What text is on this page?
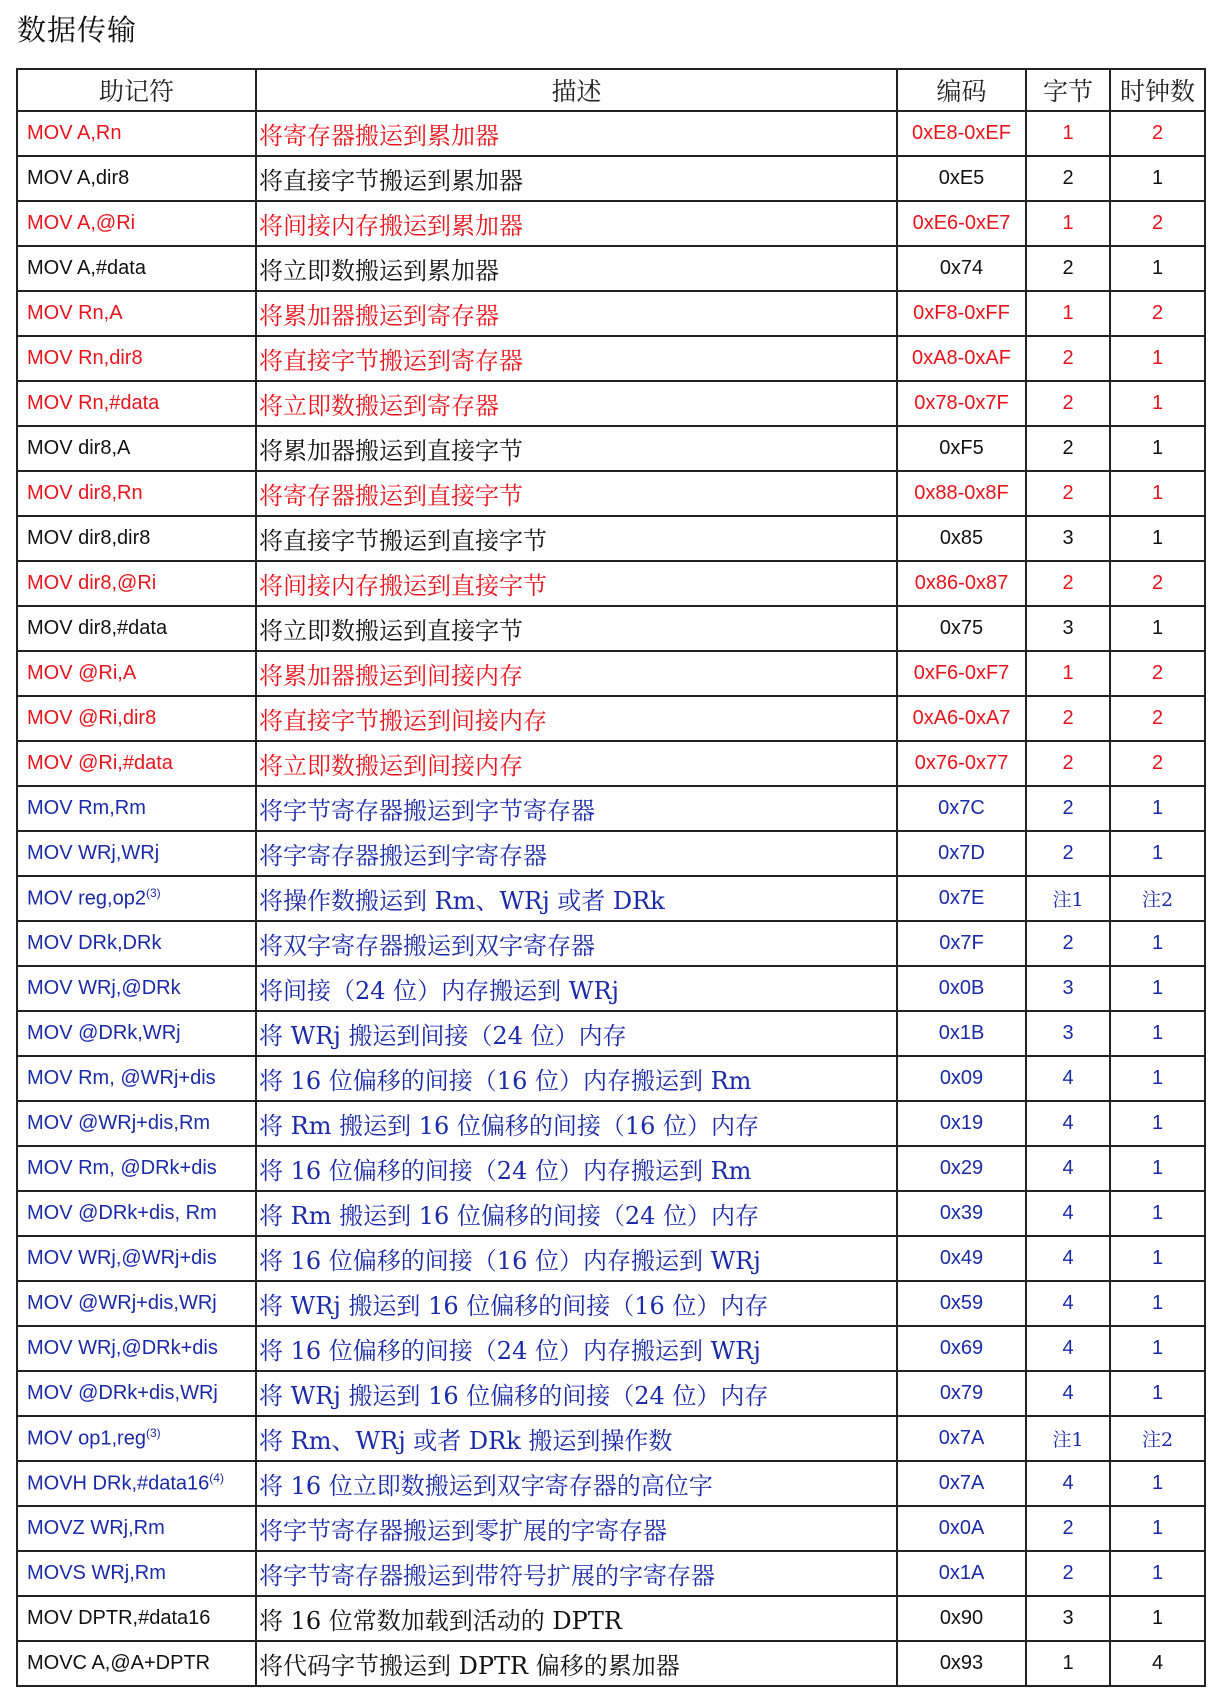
数据传输
助记符	描述	编码	字节	时钟数
MOV A,Rn	将寄存器搬运到累加器	0xE8-0xEF	1	2
MOV A,dir8	将直接字节搬运到累加器	0xE5	2	1
MOV A,@Ri	将间接内存搬运到累加器	0xE6-0xE7	1	2
MOV A,#data	将立即数搬运到累加器	0x74	2	1
MOV Rn,A	将累加器搬运到寄存器	0xF8-0xFF	1	2
MOV Rn,dir8	将直接字节搬运到寄存器	0xA8-0xAF	2	1
MOV Rn,#data	将立即数搬运到寄存器	0x78-0x7F	2	1
MOV dir8,A	将累加器搬运到直接字节	0xF5	2	1
MOV dir8,Rn	将寄存器搬运到直接字节	0x88-0x8F	2	1
MOV dir8,dir8	将直接字节搬运到直接字节	0x85	3	1
MOV dir8,@Ri	将间接内存搬运到直接字节	0x86-0x87	2	2
MOV dir8,#data	将立即数搬运到直接字节	0x75	3	1
MOV @Ri,A	将累加器搬运到间接内存	0xF6-0xF7	1	2
MOV @Ri,dir8	将直接字节搬运到间接内存	0xA6-0xA7	2	2
MOV @Ri,#data	将立即数搬运到间接内存	0x76-0x77	2	2
MOV Rm,Rm	将字节寄存器搬运到字节寄存器	0x7C	2	1
MOV WRj,WRj	将字寄存器搬运到字寄存器	0x7D	2	1
MOV reg,op2$^{(3)}$	将操作数搬运到 Rm、WRj 或者 DRk	0x7E	注1	注2
MOV DRk,DRk	将双字寄存器搬运到双字寄存器	0x7F	2	1
MOV WRj,@DRk	将间接（24 位）内存搬运到 WRj	0x0B	3	1
MOV @DRk,WRj	将 WRj 搬运到间接（24 位）内存	0x1B	3	1
MOV Rm, @WRj+dis	将 16 位偏移的间接（16 位）内存搬运到 Rm	0x09	4	1
MOV @WRj+dis,Rm	将 Rm 搬运到 16 位偏移的间接（16 位）内存	0x19	4	1
MOV Rm, @DRk+dis	将 16 位偏移的间接（24 位）内存搬运到 Rm	0x29	4	1
MOV @DRk+dis, Rm	将 Rm 搬运到 16 位偏移的间接（24 位）内存	0x39	4	1
MOV WRj,@WRj+dis	将 16 位偏移的间接（16 位）内存搬运到 WRj	0x49	4	1
MOV @WRj+dis,WRj	将 WRj 搬运到 16 位偏移的间接（16 位）内存	0x59	4	1
MOV WRj,@DRk+dis	将 16 位偏移的间接（24 位）内存搬运到 WRj	0x69	4	1
MOV @DRk+dis,WRj	将 WRj 搬运到 16 位偏移的间接（24 位）内存	0x79	4	1
MOV op1,reg$^{(3)}$	将 Rm、WRj 或者 DRk 搬运到操作数	0x7A	注1	注2
MOVH DRk,#data16$^{(4)}$	将 16 位立即数搬运到双字寄存器的高位字	0x7A	4	1
MOVZ WRj,Rm	将字节寄存器搬运到零扩展的字寄存器	0x0A	2	1
MOVS WRj,Rm	将字节寄存器搬运到带符号扩展的字寄存器	0x1A	2	1
MOV DPTR,#data16	将 16 位常数加载到活动的 DPTR	0x90	3	1
MOVC A,@A+DPTR	将代码字节搬运到 DPTR 偏移的累加器	0x93	1	4
